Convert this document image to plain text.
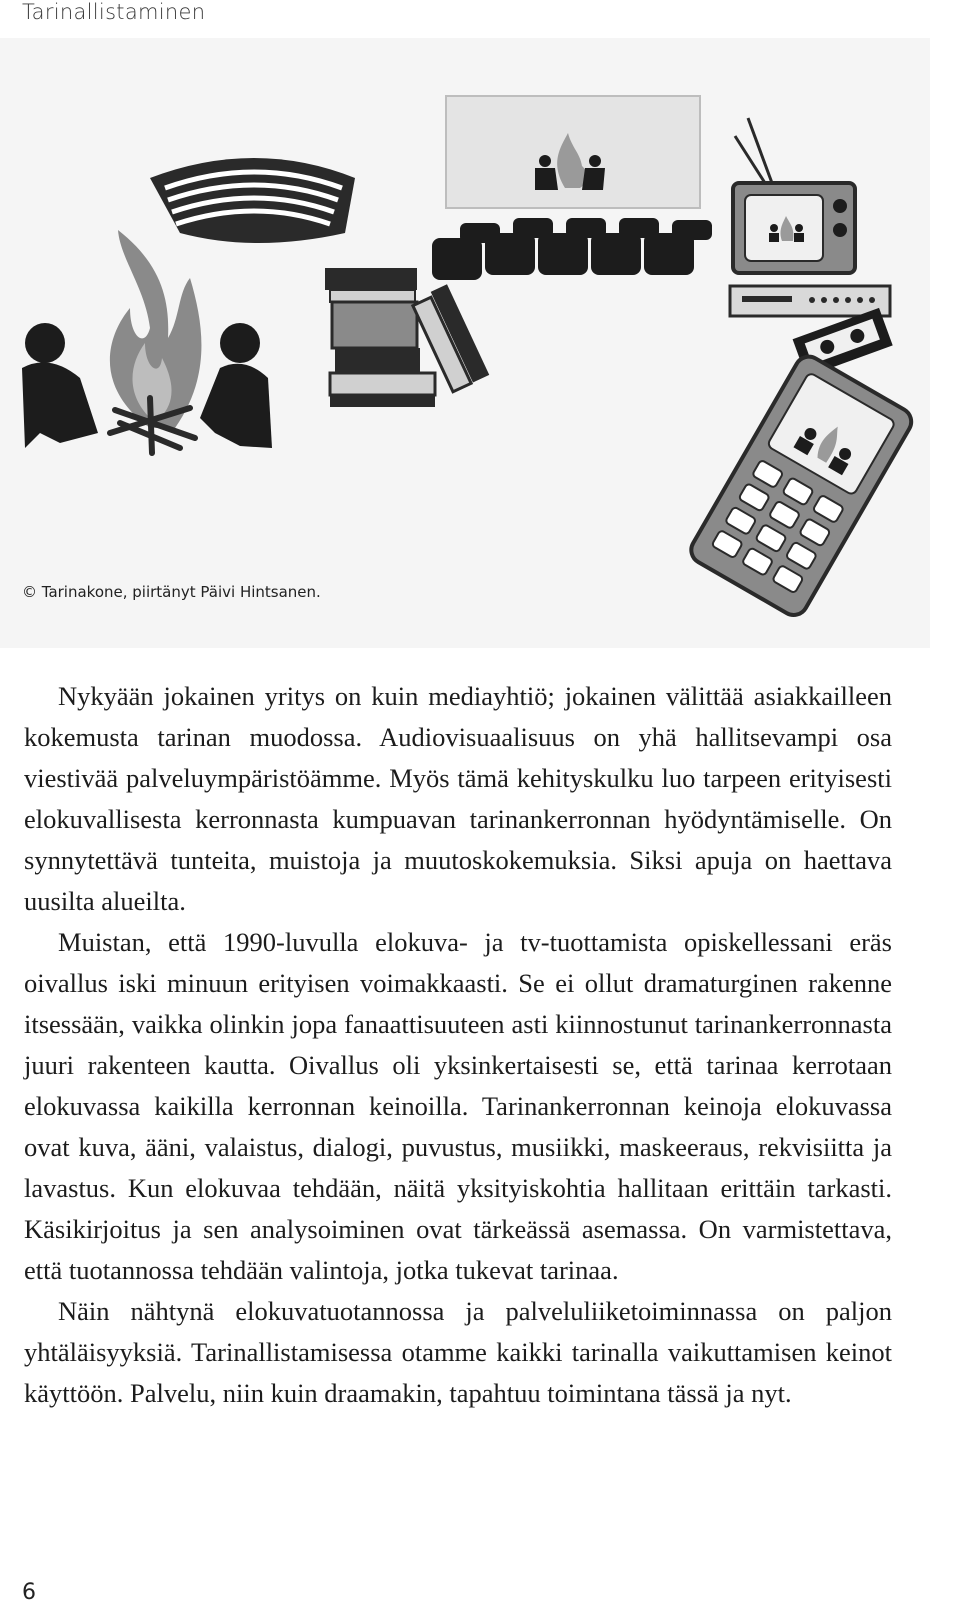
Tarinallistaminen
© Tarinakone, piirtänyt Päivi Hintsanen.

Nykyään jokainen yritys on kuin mediayhtiö; jokainen välittää asiakkailleen kokemusta tarinan muodossa. Audiovisuaalisuus on yhä hallitsevampi osa viestivää palveluympäristöämme. Myös tämä kehityskulku luo tarpeen erityisesti elokuvallisesta kerronnasta kumpuavan tarinankerronnan hyödyntämiselle. On synnytettävä tunteita, muistoja ja muutoskokemuksia. Siksi apuja on haettava uusilta alueilta.

Muistan, että 1990-luvulla elokuva- ja tv-tuottamista opiskellessani eräs oivallus iski minuun erityisen voimakkaasti. Se ei ollut dramaturginen rakenne itsessään, vaikka olinkin jopa fanaattisuuteen asti kiinnostunut tarinankerronnasta juuri rakenteen kautta. Oivallus oli yksinkertaisesti se, että tarinaa kerrotaan elokuvassa kaikilla kerronnan keinoilla. Tarinankerronnan keinoja elokuvassa ovat kuva, ääni, valaistus, dialogi, puvustus, musiikki, maskeeraus, rekvisiitta ja lavastus. Kun elokuvaa tehdään, näitä yksityiskohtia hallitaan erittäin tarkasti. Käsikirjoitus ja sen analysoiminen ovat tärkeässä asemassa. On varmistettava, että tuotannossa tehdään valintoja, jotka tukevat tarinaa.

Näin nähtynä elokuvatuotannossa ja palveluliiketoiminnassa on paljon yhtäläisyyksiä. Tarinallistamisessa otamme kaikki tarinalla vaikuttamisen keinot käyttöön. Palvelu, niin kuin draamakin, tapahtuu toimintana tässä ja nyt.

6
